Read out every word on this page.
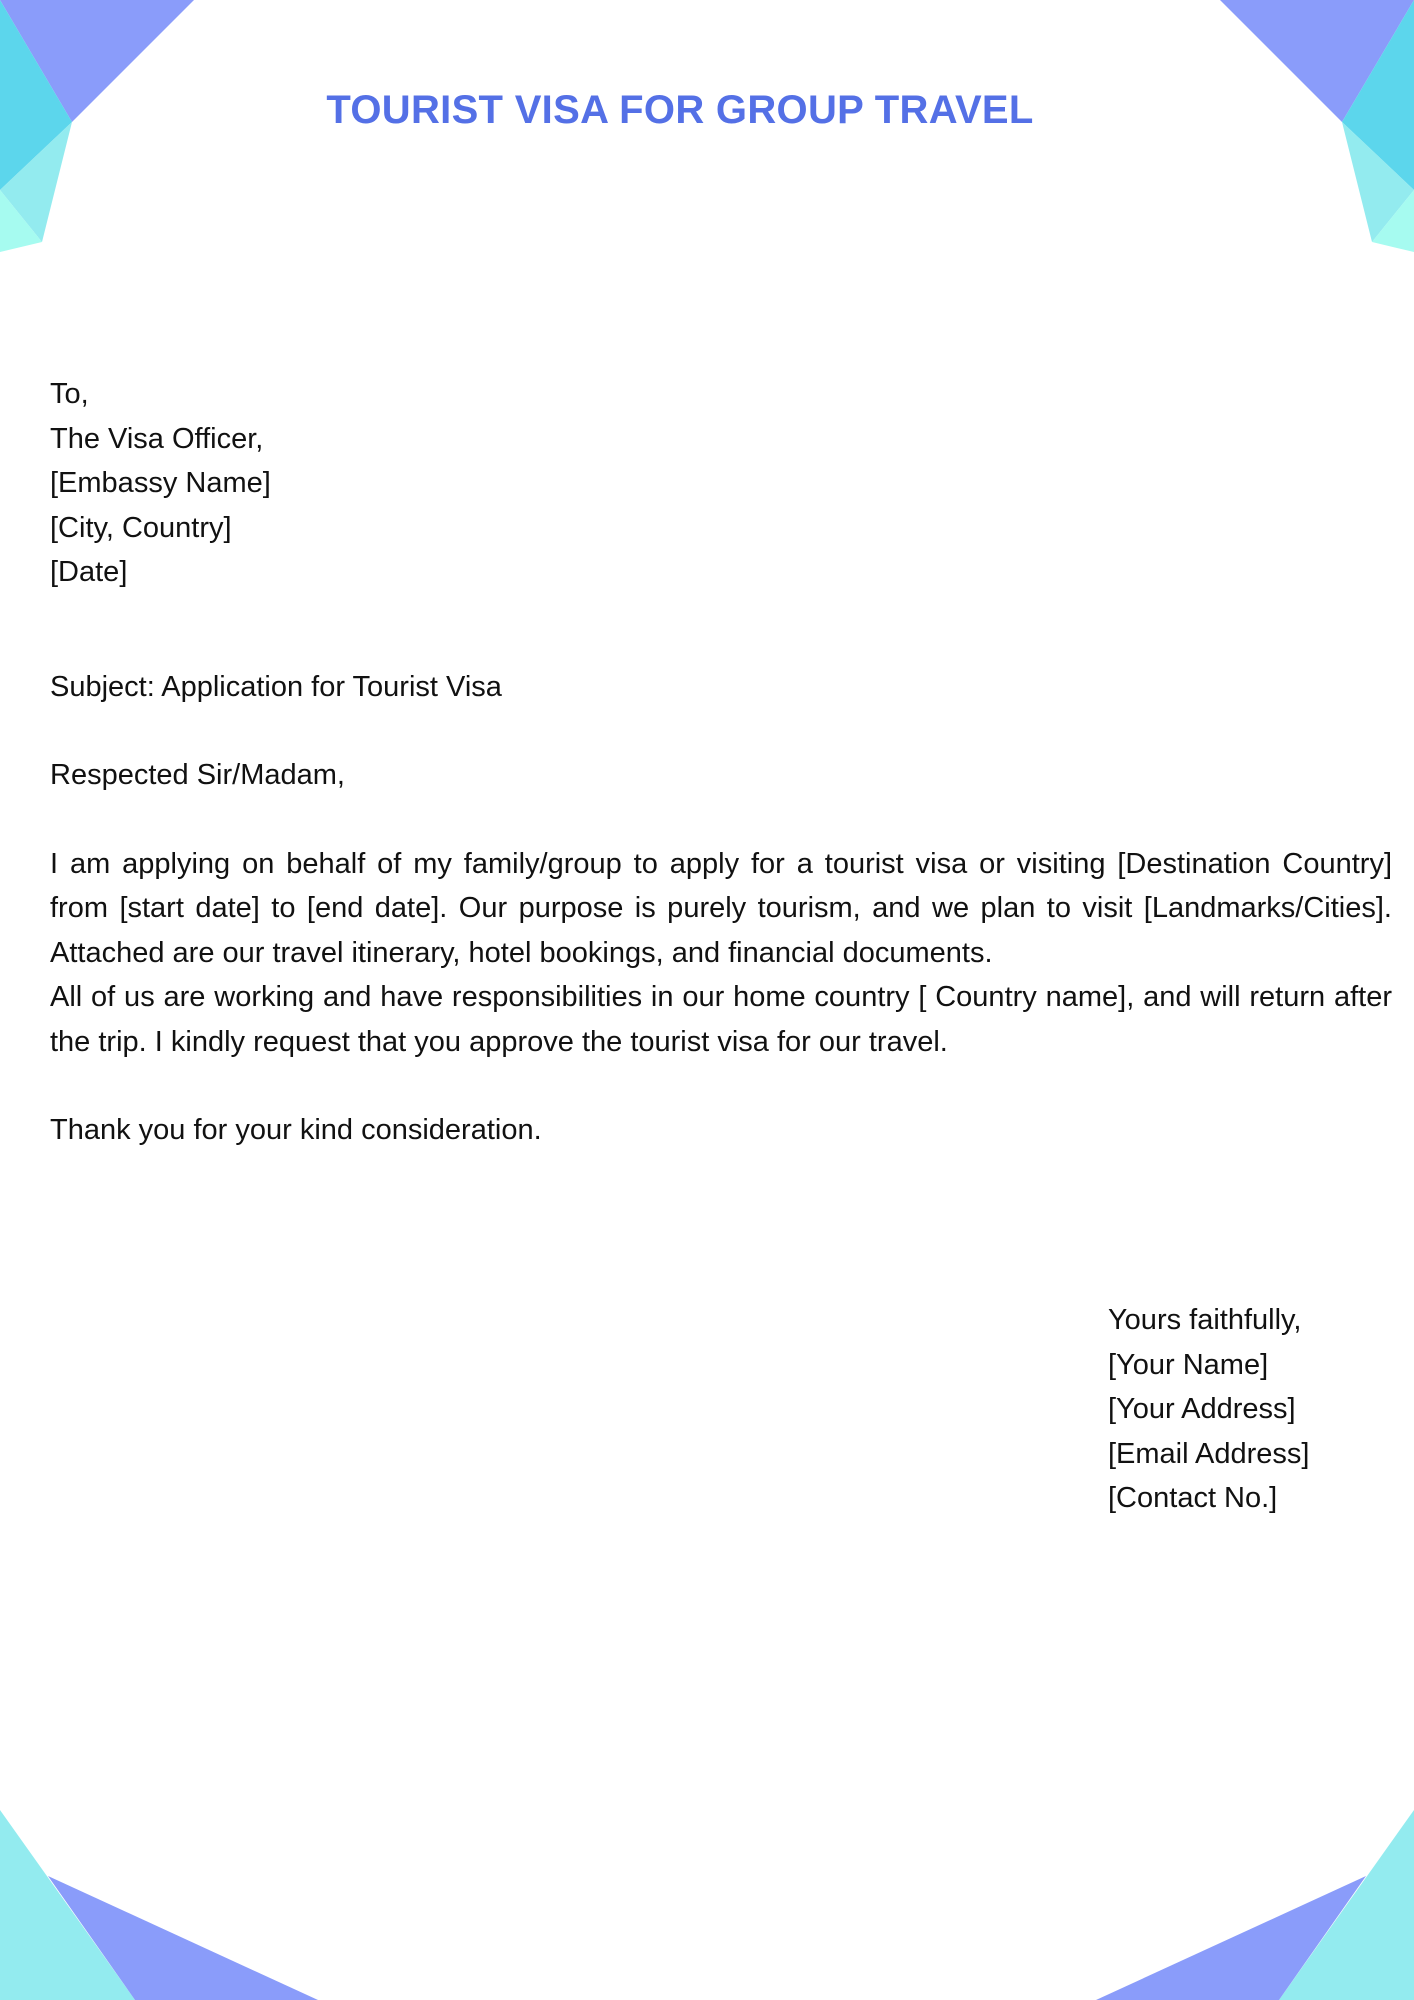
TOURIST VISA FOR GROUP TRAVEL
To,
The Visa Officer,
[Embassy Name]
[City, Country]
[Date]

Subject: Application for Tourist Visa

Respected Sir/Madam,

I am applying on behalf of my family/group to apply for a tourist visa or visiting [Destination Country] from [start date] to [end date]. Our purpose is purely tourism, and we plan to visit [Landmarks/Cities]. Attached are our travel itinerary, hotel bookings, and financial documents.

All of us are working and have responsibilities in our home country [ Country name], and will return after the trip. I kindly request that you approve the tourist visa for our travel.

Thank you for your kind consideration.

Yours faithfully,
[Your Name]
[Your Address]
[Email Address]
[Contact No.]
